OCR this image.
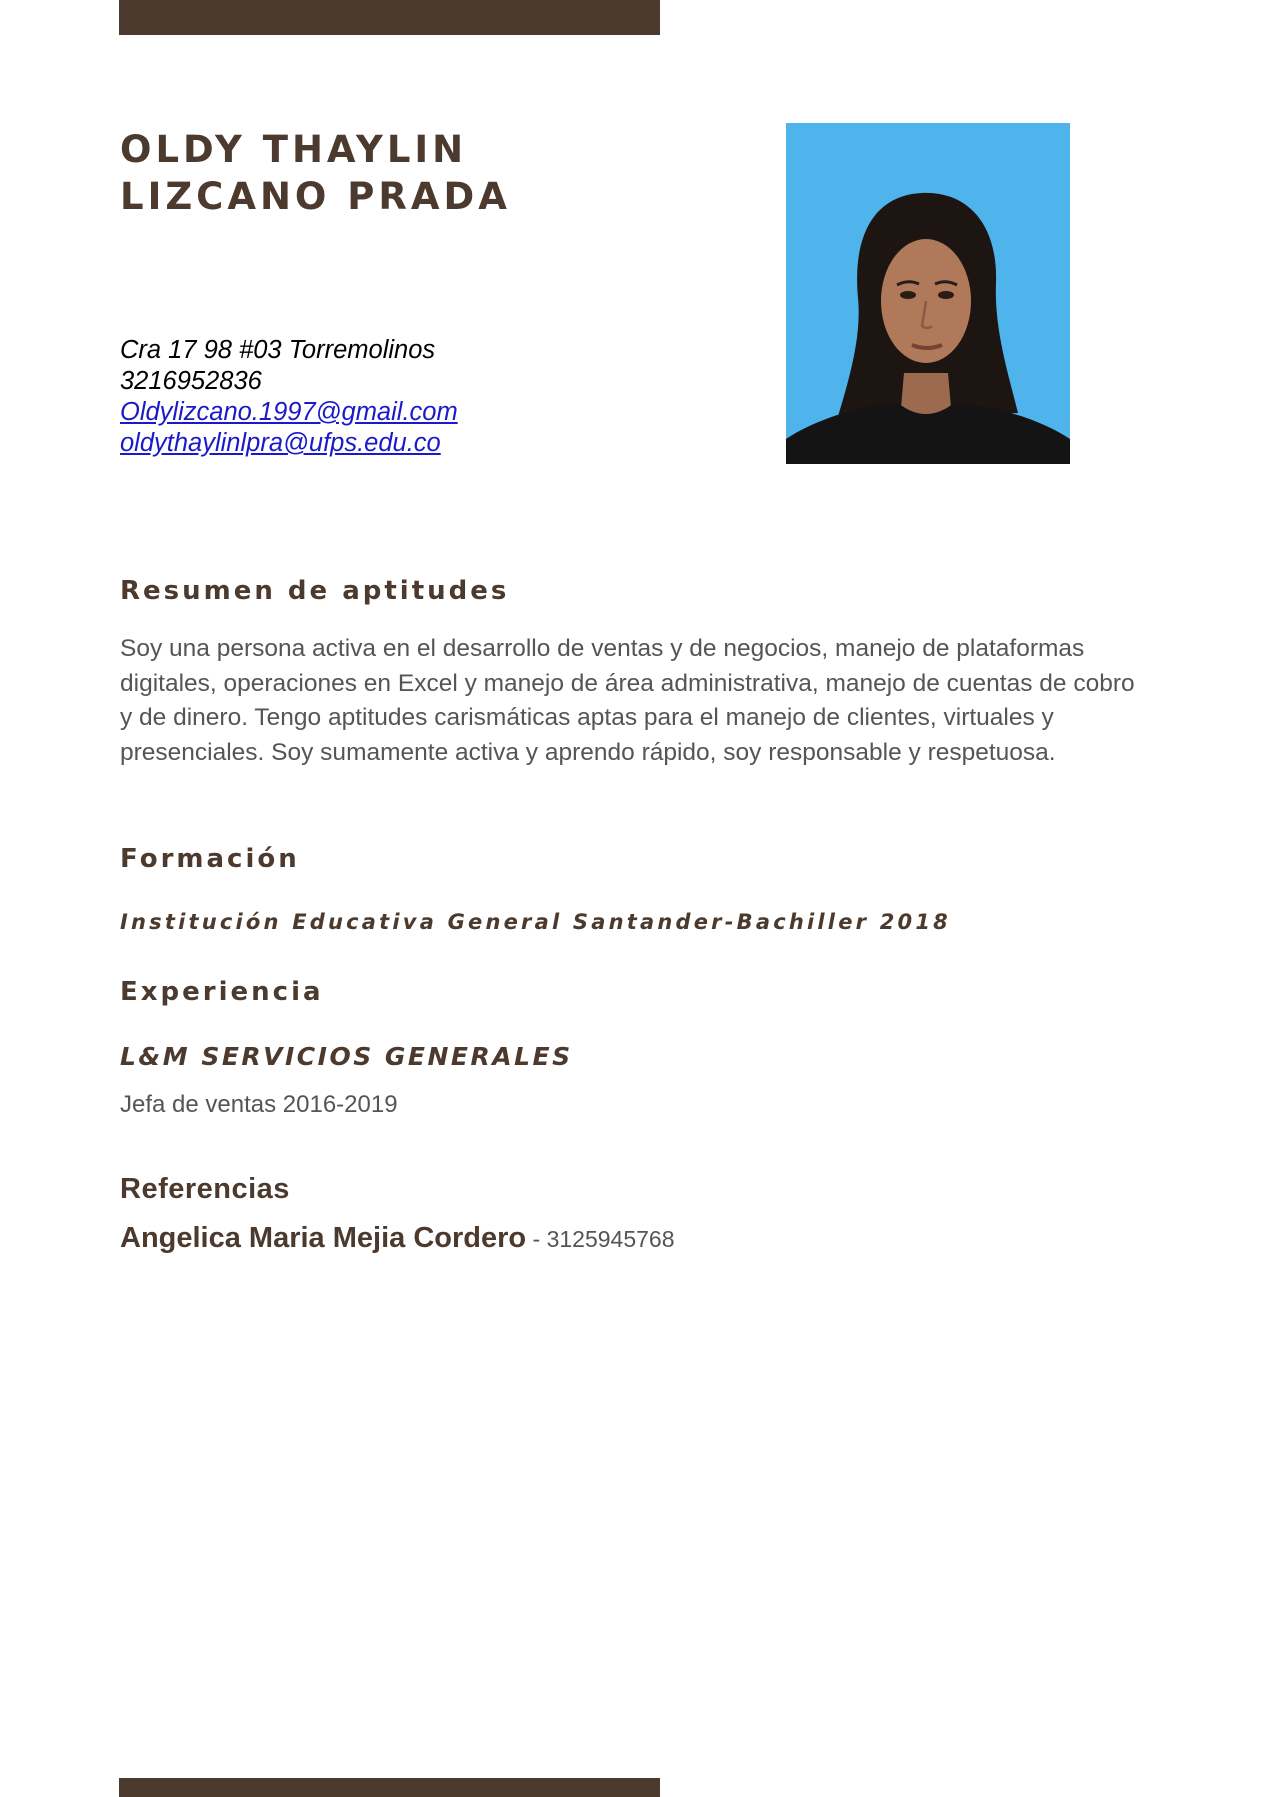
OLDY THAYLIN
LIZCANO PRADA
Cra 17 98 #03 Torremolinos
3216952836
Oldylizcano.1997@gmail.com
oldythaylinlpra@ufps.edu.co
Resumen de aptitudes

Soy una persona activa en el desarrollo de ventas y de negocios, manejo de plataformas digitales, operaciones en Excel y manejo de área administrativa, manejo de cuentas de cobro y de dinero. Tengo aptitudes carismáticas aptas para el manejo de clientes, virtuales y presenciales. Soy sumamente activa y aprendo rápido, soy responsable y respetuosa.

Formación
Institución Educativa General Santander-Bachiller 2018
Experiencia
L&M SERVICIOS GENERALES
Jefa de ventas 2016-2019
Referencias
Angelica Maria Mejia Cordero - 3125945768
